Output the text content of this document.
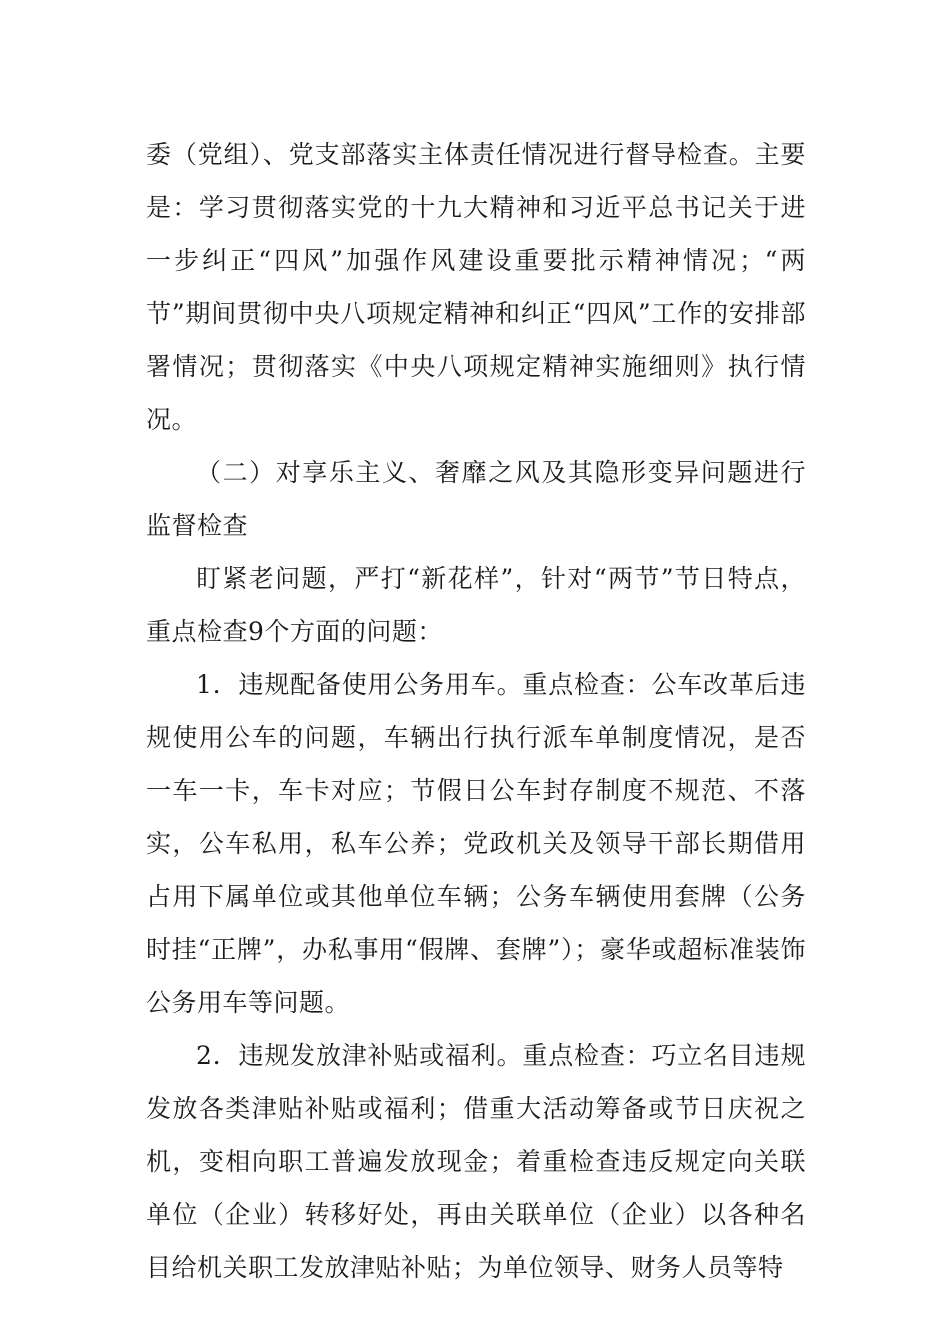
委（党组）、党支部落实主体责任情况进行督导检查。主要是：学习贯彻落实党的十九大精神和习近平总书记关于进一步纠正“四风”加强作风建设重要批示精神情况；“两节”期间贯彻中央八项规定精神和纠正“四风”工作的安排部署情况；贯彻落实《中央八项规定精神实施细则》执行情况。

（二）对享乐主义、奢靡之风及其隐形变异问题进行监督检查

盯紧老问题，严打“新花样”，针对“两节”节日特点，重点检查9个方面的问题：

1．违规配备使用公务用车。重点检查：公车改革后违规使用公车的问题，车辆出行执行派车单制度情况，是否一车一卡，车卡对应；节假日公车封存制度不规范、不落实，公车私用，私车公养；党政机关及领导干部长期借用占用下属单位或其他单位车辆；公务车辆使用套牌（公务时挂“正牌”，办私事用“假牌、套牌”）；豪华或超标准装饰公务用车等问题。

2．违规发放津补贴或福利。重点检查：巧立名目违规发放各类津贴补贴或福利；借重大活动筹备或节日庆祝之机，变相向职工普遍发放现金；着重检查违反规定向关联单位（企业）转移好处，再由关联单位（企业）以各种名目给机关职工发放津贴补贴；为单位领导、财务人员等特
